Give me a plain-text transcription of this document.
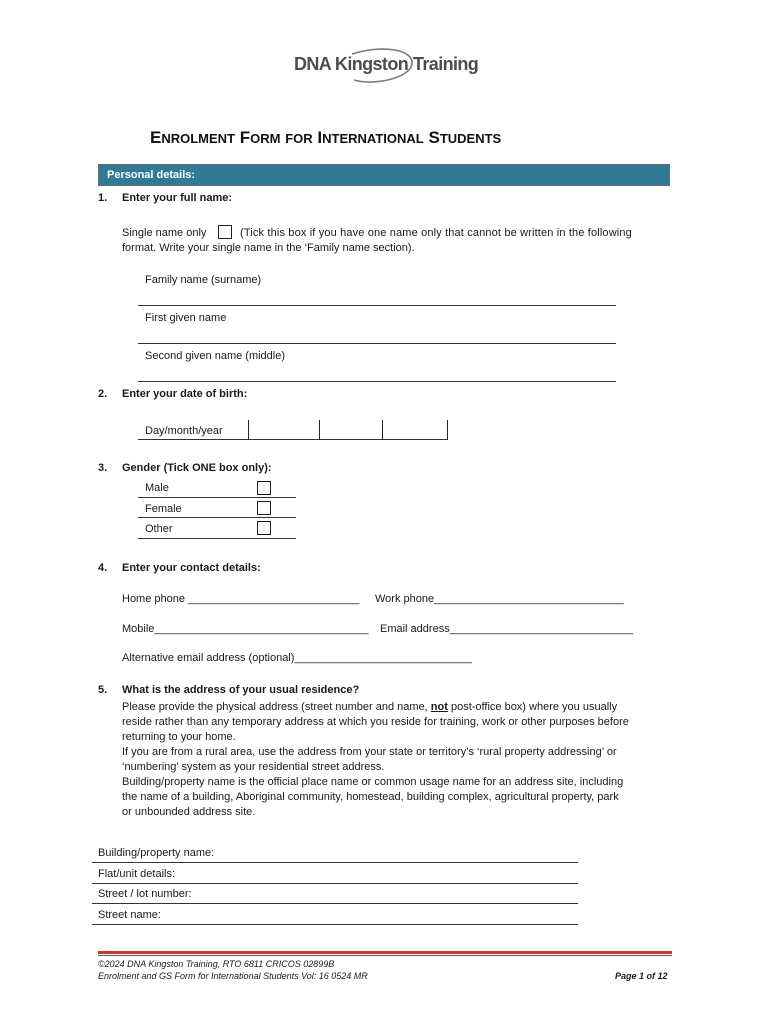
DNA Kingston Training
ENROLMENT FORM FOR INTERNATIONAL STUDENTS
Personal details:
1. Enter your full name:
Single name only	(Tick this box if you have one name only that cannot be written in the following
format. Write your single name in the ‘Family name section).
Family name (surname)
First given name
Second given name (middle)
2. Enter your date of birth:
Day/month/year
3. Gender (Tick ONE box only):
Male
Female
Other
4. Enter your contact details:
Home phone ____________________________ Work phone_______________________________
Mobile___________________________________ Email address______________________________
Alternative email address (optional)_____________________________
5. What is the address of your usual residence?
Please provide the physical address (street number and name, not post-office box) where you usually
reside rather than any temporary address at which you reside for training, work or other purposes before
returning to your home.
If you are from a rural area, use the address from your state or territory’s ‘rural property addressing’ or
‘numbering’ system as your residential street address.
Building/property name is the official place name or common usage name for an address site, including
the name of a building, Aboriginal community, homestead, building complex, agricultural property, park
or unbounded address site.
Building/property name:
Flat/unit details:
Street / lot number:
Street name:
©2024 DNA Kingston Training, RTO 6811 CRICOS 02899B
Enrolment and GS Form for International Students Vol: 16 0524 MR	Page 1 of 12
